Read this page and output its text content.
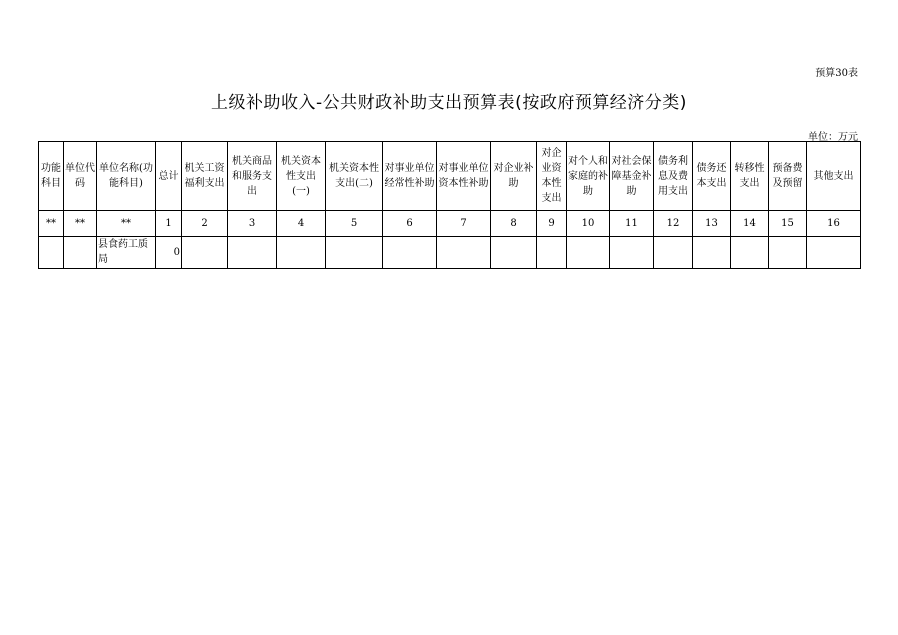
预算30表
上级补助收入-公共财政补助支出预算表(按政府预算经济分类)
单位：万元
功能科目	单位代码	单位名称(功能科目)	总计	机关工资福利支出	机关商品和服务支出	机关资本性支出(一)	机关资本性支出(二)	对事业单位经常性补助	对事业单位资本性补助	对企业补助	对企业资本性支出	对个人和家庭的补助	对社会保障基金补助	债务利息及费用支出	债务还本支出	转移性支出	预备费及预留	其他支出
**	**	**	1	2	3	4	5	6	7	8	9	10	11	12	13	14	15	16
		县食药工质局	0															
